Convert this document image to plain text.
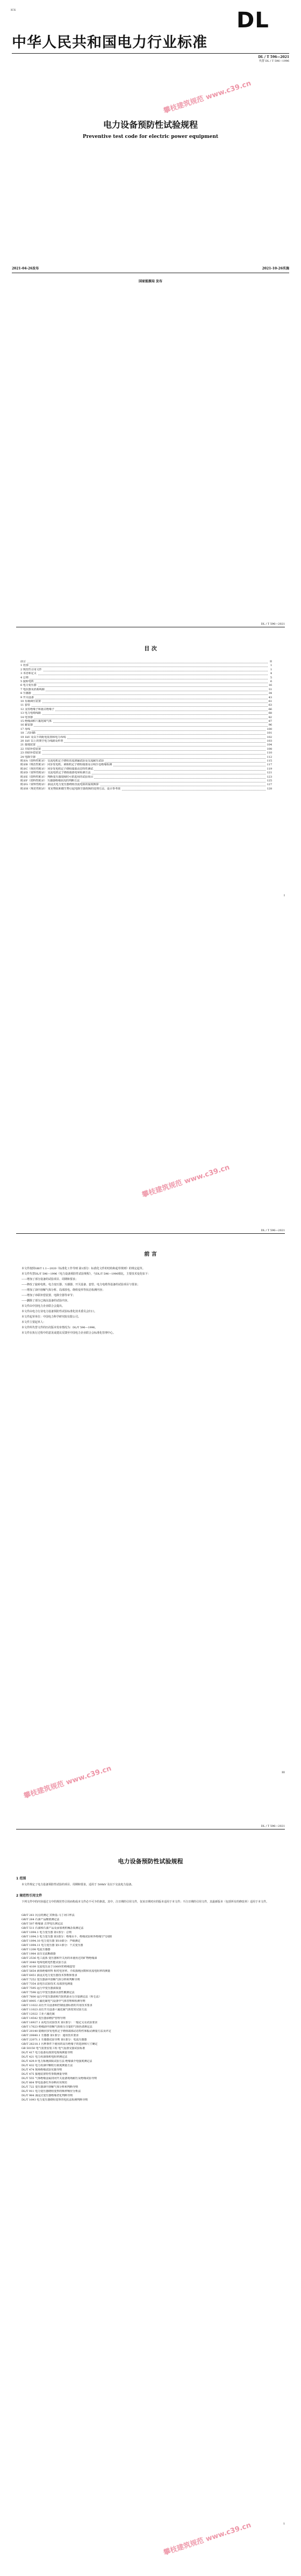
ICS	DL
中华人民共和国电力行业标准
DL / T 596—2021
代替 DL / T 596—1996
攀枝建筑规范 www.c39.cn
电力设备预防性试验规程
Preventive test code for electric power equipment
2021-04-26发布	2021-10-26实施
国家能源局 发布
DL / T 596—2021
目 次
I
前言	II
1 范围	1
2 规范性引用文件	1
3 术语和定义	4
4 总则	5
5 旋转电机	6
6 电力变压器	16
7 电抗器及消弧线圈	31
8 互感器	34
9 开关设备	43
10 有载调压装置	61
11 套管	63
12 支柱绝缘子和悬式绝缘子	66
13 电力电缆线路	68
14 电容器	82
15 绝缘油和六氟化硫气体	87
16 避雷器	96
17 母线	100
18 二次回路	101
19 1kV 及以下的配电装置和电力布线	102
20 1kV 以上的架空电力线路及杆塔	103
21 接地装置	104
22 并联补偿装置	108
23 串联补偿装置	110
24 电除尘器	112
附录A（资料性附录） 交流电机定子绕组直流泄漏试验及交流耐压试验	115
附录B（规范性附录） 同步发电机、调相机定子绕组端部及引线手包绝缘检测	117
附录C（规范性附录） 同步发电机定子绕组端部动态特性测试	119
附录D（资料性附录） 交流电机定子绕组端部电晕检测方法	121
附录E（资料性附录） 判断变压器故障时可供选用的试验项目	123
附录F（资料性附录） 互感器绝缘状况的判断方法	125
附录G（资料性附录） 油浸式电力变压器绕组直流电阻的温度换算	127
附录H（规范性附录） 常见物质和微生物引起电除尘器故障的处理方法、设计参考值	128
攀枝建筑规范 www.c39.cn
DL / T 596—2021
前 言
III
攀枝建筑规范 www.c39.cn
本文件按照GB/T 1.1—2020《标准化工作导则 第1部分：标准化文件的结构和起草规则》的规定起草。
本文件代替DL/T 596—1996《电力设备预防性试验规程》，与DL/T 596—1996相比，主要技术变化如下：
——增加了部分设备的试验项目、周期和要求；
——修改了旋转电机、电力变压器、互感器、开关设备、套管、电力电缆等设备的试验项目与要求；
——增加了油中溶解气体分析、局部放电、绕组变形等状态检测内容；
——增加了串联补偿装置、电除尘器等章节；
——删除了部分已淘汰设备的试验内容。
本文件由中国电力企业联合会提出。
本文件由电力行业电力设备预防性试验标准化技术委员会归口。
本文件起草单位：中国电力科学研究院有限公司。
本文件主要起草人：
本文件所代替文件的历次版本发布情况为：DL/T 596—1996。
本文件在执行过程中的意见或建议反馈至中国电力企业联合会标准化管理中心。
DL / T 596—2021
电力设备预防性试验规程
1 范围
本文件规定了电力设备预防性试验的项目、周期和要求，适用于 500kV 及以下交流电力设备。
2 规范性引用文件
下列文件中的内容通过文中的规范性引用而构成本文件必不可少的条款。其中，注日期的引用文件，仅该日期对应的版本适用于本文件；不注日期的引用文件，其最新版本（包括所有的修改单）适用于本文件。
1
攀枝建筑规范 www.c39.cn
GB/T 261 闪点的测定 宾斯基-马丁闭口杯法
GB/T 264 石油产品酸值测定法
GB/T 507 绝缘油 击穿电压测定法
GB/T 511 石油和石油产品及添加剂机械杂质测定法
GB/T 1094.1 电力变压器 第1部分：总则
GB/T 1094.3 电力变压器 第3部分：绝缘水平、绝缘试验和外绝缘空气间隙
GB/T 1094.10 电力变压器 第10部分：声级测定
GB/T 1094.11 电力变压器 第11部分：干式变压器
GB/T 1208 电流互感器
GB/T 1984 高压交流断路器
GB/T 2536 电工流体 变压器和开关用的未使用过的矿物绝缘油
GB/T 3048 电线电缆电性能试验方法
GB/T 4109 交流电压高于1000V的绝缘套管
GB/T 5654 液体绝缘材料 相对电容率、介质损耗因数和直流电阻率的测量
GB/T 6451 油浸式电力变压器技术参数和要求
GB/T 7252 变压器油中溶解气体分析和判断导则
GB/T 7354 高电压试验技术 局部放电测量
GB/T 7595 运行中变压器油质量
GB/T 7598 运行中变压器油水溶性酸测定法
GB/T 7600 运行中变压器油和汽轮机油水分含量测定法（库仑法）
GB/T 8905 六氟化硫电气设备中气体管理和检测导则
GB/T 11022 高压开关设备和控制设备标准的共用技术要求
GB/T 11023 高压开关设备六氟化硫气体密封试验方法
GB/T 12022 工业六氟化硫
GB/T 14542 变压器油维护管理导则
GB/T 16927.1 高电压试验技术 第1部分：一般定义及试验要求
GB/T 17623 绝缘油中溶解气体组分含量的气相色谱测定法
GB/T 20140 隐极同步发电机定子绕组端部动态特性和振动测量方法及评定
GB/T 20840.1 互感器 第1部分：通用技术要求
GB/T 22071.1 互感器试验导则 第1部分：电流互感器
GB/T 26218.1 污秽条件下使用的高压绝缘子的选择和尺寸确定
GB 50150 电气装置安装工程 电气设备交接试验标准
DL/T 417 电力设备局部放电现场测量导则
DL/T 421 电力用油体积电阻率测定法
DL/T 429.9 电力系统油质试验方法 绝缘油介电强度测定法
DL/T 432 电力用油中颗粒污染度测量方法
DL/T 474 现场绝缘试验实施导则
DL/T 475 接地装置特性参数测量导则
DL/T 555 气体绝缘金属封闭开关设备现场耐压及绝缘试验导则
DL/T 664 带电设备红外诊断应用规范
DL/T 722 变压器油中溶解气体分析和判断导则
DL/T 911 电力变压器绕组变形的频率响应分析法
DL/T 984 油浸式变压器绝缘老化判断导则
DL/T 1093 电力变压器绕组变形的电抗法检测判断导则
